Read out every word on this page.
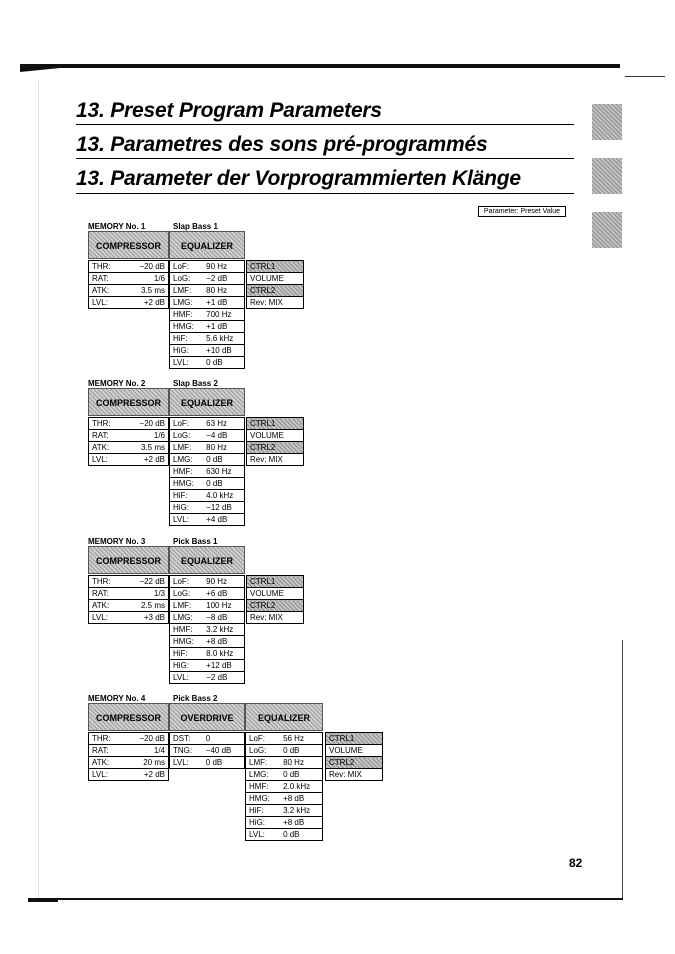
13. Preset Program Parameters
13. Parametres des sons pré-programmés
13. Parameter der Vorprogrammierten Klänge
Parameter: Preset Value
MEMORY No. 1	Slap Bass 1
COMPRESSOR
THR:	−20 dB
RAT:	1/6
ATK:	3.5 ms
LVL:	+2 dB
EQUALIZER
LoF:	90 Hz
LoG:	−2 dB
LMF:	80 Hz
LMG:	+1 dB
HMF:	700 Hz
HMG:	+1 dB
HiF:	5.6 kHz
HiG:	+10 dB
LVL:	0 dB
CTRL1
VOLUME
CTRL2
Rev: MIX
MEMORY No. 2	Slap Bass 2
COMPRESSOR
THR:	−20 dB
RAT:	1/6
ATK:	3.5 ms
LVL:	+2 dB
EQUALIZER
LoF:	63 Hz
LoG:	−4 dB
LMF:	80 Hz
LMG:	0 dB
HMF:	630 Hz
HMG:	0 dB
HiF:	4.0 kHz
HiG:	−12 dB
LVL:	+4 dB
CTRL1
VOLUME
CTRL2
Rev: MIX
MEMORY No. 3	Pick Bass 1
COMPRESSOR
THR:	−22 dB
RAT:	1/3
ATK:	2.5 ms
LVL:	+3 dB
EQUALIZER
LoF:	90 Hz
LoG:	+6 dB
LMF:	100 Hz
LMG:	−8 dB
HMF:	3.2 kHz
HMG:	+8 dB
HiF:	8.0 kHz
HiG:	+12 dB
LVL:	−2 dB
CTRL1
VOLUME
CTRL2
Rev: MIX
MEMORY No. 4	Pick Bass 2
COMPRESSOR
THR:	−20 dB
RAT:	1/4
ATK:	20 ms
LVL:	+2 dB
OVERDRIVE
DST:	0
TNG:	−40 dB
LVL:	0 dB
EQUALIZER
LoF:	56 Hz
LoG:	0 dB
LMF:	80 Hz
LMG:	0 dB
HMF:	2.0 kHz
HMG:	+8 dB
HiF:	3.2 kHz
HiG:	+8 dB
LVL:	0 dB
CTRL1
VOLUME
CTRL2
Rev: MIX
82
